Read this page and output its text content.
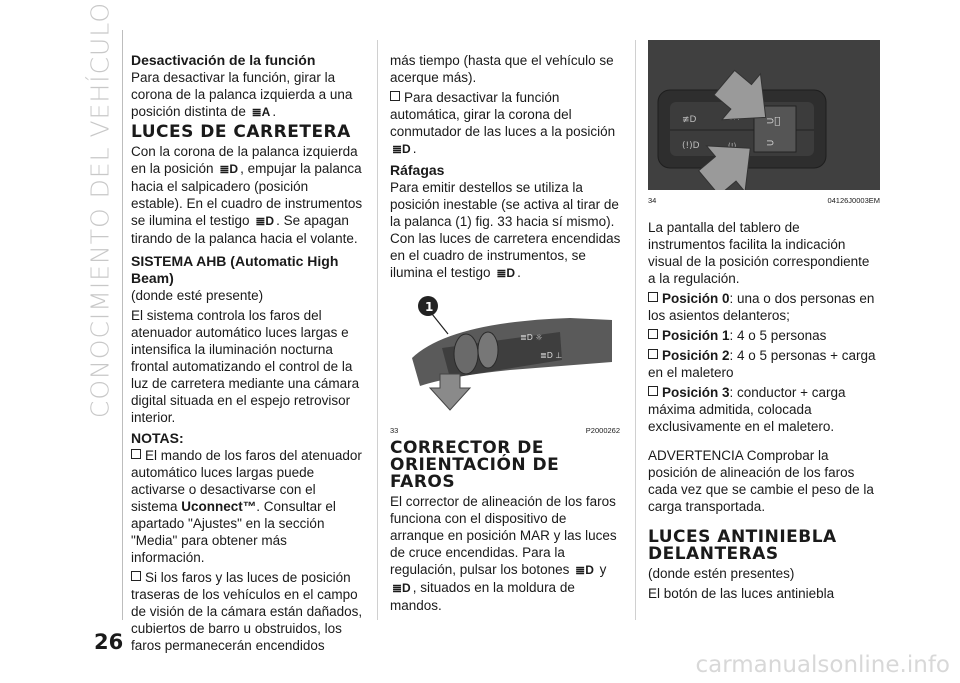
CONOCIMIENTO DEL VEHÍCULO
26
carmanualsonline.info
Desactivación de la función

Para desactivar la función, girar la corona de la palanca izquierda a una posición distinta de ≣A .

LUCES DE CARRETERA

Con la corona de la palanca izquierda en la posición ≣D , empujar la palanca hacia el salpicadero (posición estable). En el cuadro de instrumentos se ilumina el testigo ≣D . Se apagan tirando de la palanca hacia el volante.

SISTEMA AHB (Automatic High Beam)

(donde esté presente)

El sistema controla los faros del atenuador automático luces largas e intensifica la iluminación nocturna frontal automatizando el control de la luz de carretera mediante una cámara digital situada en el espejo retrovisor interior.

NOTAS:

El mando de los faros del atenuador automático luces largas puede activarse o desactivarse con el sistema Uconnect™. Consultar el apartado "Ajustes" en la sección "Media" para obtener más información.

Si los faros y las luces de posición traseras de los vehículos en el campo de visión de la cámara están dañados, cubiertos de barro u obstruidos, los faros permanecerán encendidos

más tiempo (hasta que el vehículo se acerque más).

Para desactivar la función automática, girar la corona del conmutador de las luces a la posición ≣D .

Ráfagas

Para emitir destellos se utiliza la posición inestable (se activa al tirar de la palanca (1) fig. 33 hacia sí mismo). Con las luces de carretera encendidas en el cuadro de instrumentos, se ilumina el testigo ≣D .

≣D ☼
≣D ⊥
1
33	P2000262
CORRECTOR DE ORIENTACIÓN DE FAROS

El corrector de alineación de los faros funciona con el dispositivo de arranque en posición MAR y las luces de cruce encendidas. Para la regulación, pulsar los botones ≣D y ≣D , situados en la moldura de mandos.

≢D
(!)D	(!)
⊃⃨
⊃
34	04126J0003EM

La pantalla del tablero de instrumentos facilita la indicación visual de la posición correspondiente a la regulación.

Posición 0: una o dos personas en los asientos delanteros;

Posición 1: 4 o 5 personas

Posición 2: 4 o 5 personas + carga en el maletero

Posición 3: conductor + carga máxima admitida, colocada exclusivamente en el maletero.

ADVERTENCIA Comprobar la posición de alineación de los faros cada vez que se cambie el peso de la carga transportada.

LUCES ANTINIEBLA DELANTERAS

(donde estén presentes)

El botón de las luces antiniebla
